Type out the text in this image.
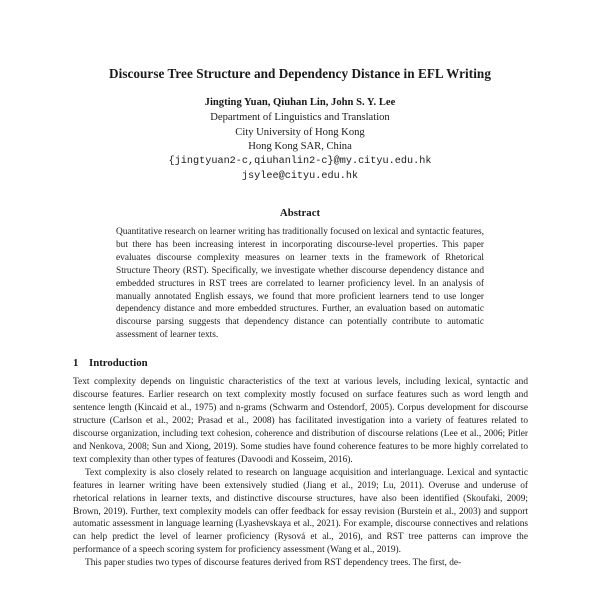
Discourse Tree Structure and Dependency Distance in EFL Writing
Jingting Yuan, Qiuhan Lin, John S. Y. Lee
Department of Linguistics and Translation
City University of Hong Kong
Hong Kong SAR, China
{jingtyuan2-c,qiuhanlin2-c}@my.cityu.edu.hk
jsylee@cityu.edu.hk
Abstract
Quantitative research on learner writing has traditionally focused on lexical and syntactic features, but there has been increasing interest in incorporating discourse-level properties. This paper evaluates discourse complexity measures on learner texts in the framework of Rhetorical Structure Theory (RST). Specifically, we investigate whether discourse dependency distance and embedded structures in RST trees are correlated to learner proficiency level. In an analysis of manually annotated English essays, we found that more proficient learners tend to use longer dependency distance and more embedded structures. Further, an evaluation based on automatic discourse parsing suggests that dependency distance can potentially contribute to automatic assessment of learner texts.
1 Introduction

Text complexity depends on linguistic characteristics of the text at various levels, including lexical, syntactic and discourse features. Earlier research on text complexity mostly focused on surface features such as word length and sentence length (Kincaid et al., 1975) and n-grams (Schwarm and Ostendorf, 2005). Corpus development for discourse structure (Carlson et al., 2002; Prasad et al., 2008) has facilitated investigation into a variety of features related to discourse organization, including text cohesion, coherence and distribution of discourse relations (Lee et al., 2006; Pitler and Nenkova, 2008; Sun and Xiong, 2019). Some studies have found coherence features to be more highly correlated to text complexity than other types of features (Davoodi and Kosseim, 2016).

Text complexity is also closely related to research on language acquisition and interlanguage. Lexical and syntactic features in learner writing have been extensively studied (Jiang et al., 2019; Lu, 2011). Overuse and underuse of rhetorical relations in learner texts, and distinctive discourse structures, have also been identified (Skoufaki, 2009; Brown, 2019). Further, text complexity models can offer feedback for essay revision (Burstein et al., 2003) and support automatic assessment in language learning (Lyashevskaya et al., 2021). For example, discourse connectives and relations can help predict the level of learner proficiency (Rysová et al., 2016), and RST tree patterns can improve the performance of a speech scoring system for proficiency assessment (Wang et al., 2019).

This paper studies two types of discourse features derived from RST dependency trees. The first, de-
